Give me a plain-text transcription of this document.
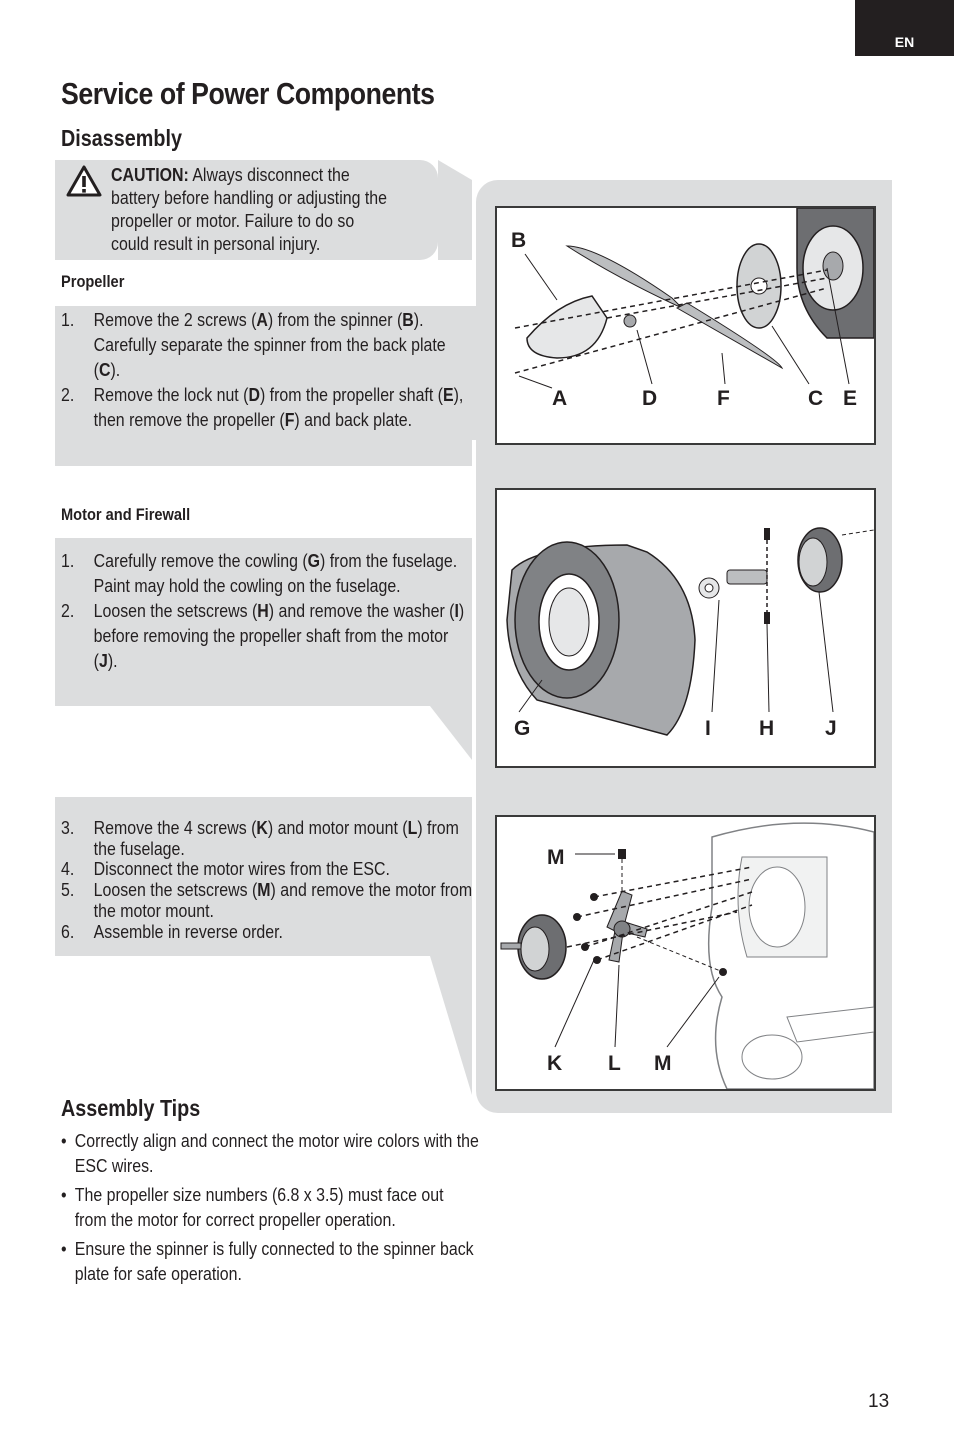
EN
Service of Power Components
Disassembly
CAUTION: Always disconnect the battery before handling or adjusting the propeller or motor. Failure to do so could result in personal injury.
Propeller
1. Remove the 2 screws (A) from the spinner (B). Carefully separate the spinner from the back plate (C).
2. Remove the lock nut (D) from the propeller shaft (E), then remove the propeller (F) and back plate.
Motor and Firewall
1. Carefully remove the cowling (G) from the fuselage. Paint may hold the cowling on the fuselage.
2. Loosen the setscrews (H) and remove the washer (I) before removing the propeller shaft from the motor (J).
3. Remove the 4 screws (K) and motor mount (L) from the fuselage.
4. Disconnect the motor wires from the ESC.
5. Loosen the setscrews (M) and remove the motor from the motor mount.
6. Assemble in reverse order.
B
A	D	F	C E
G	I H J
M
K L M
Assembly Tips
• Correctly align and connect the motor wire colors with the ESC wires.
• The propeller size numbers (6.8 x 3.5) must face out from the motor for correct propeller operation.
• Ensure the spinner is fully connected to the spinner back plate for safe operation.
13
